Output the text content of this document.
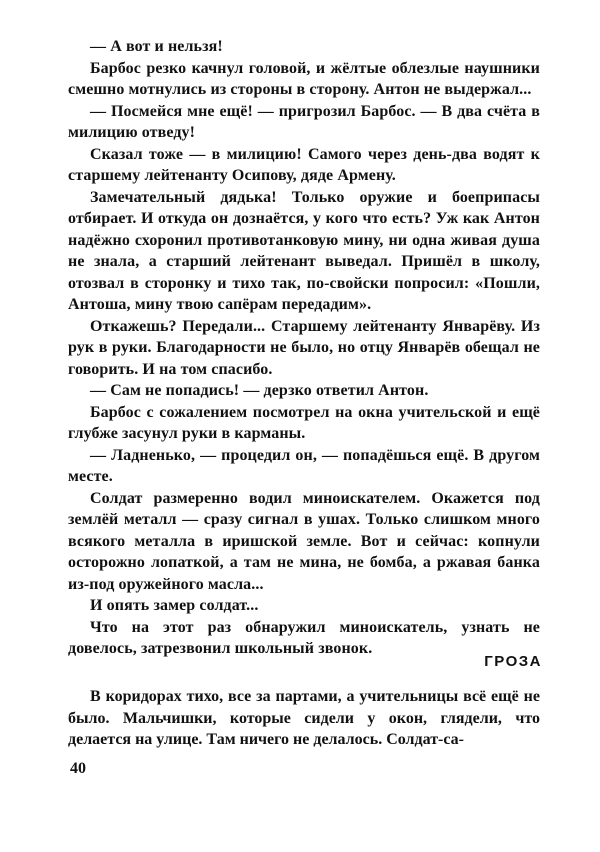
— А вот и нельзя!

Барбос резко качнул головой, и жёлтые облезлые наушники смешно мотнулись из стороны в сторону. Антон не выдержал...

— Посмейся мне ещё! — пригрозил Барбос. — В два счёта в милицию отведу!

Сказал тоже — в милицию! Самого через день-два водят к старшему лейтенанту Осипову, дяде Армену.

Замечательный дядька! Только оружие и боеприпасы отбирает. И откуда он дознаётся, у кого что есть? Уж как Антон надёжно схоронил противотанковую мину, ни одна живая душа не знала, а старший лейтенант выведал. Пришёл в школу, отозвал в сторонку и тихо так, по-свойски попросил: «Пошли, Антоша, мину твою сапёрам передадим».

Откажешь? Передали... Старшему лейтенанту Январёву. Из рук в руки. Благодарности не было, но отцу Январёв обещал не говорить. И на том спасибо.

— Сам не попадись! — дерзко ответил Антон.

Барбос с сожалением посмотрел на окна учительской и ещё глубже засунул руки в карманы.

— Ладненько, — процедил он, — попадёшься ещё. В другом месте.

Солдат размеренно водил миноискателем. Окажется под землёй металл — сразу сигнал в ушах. Только слишком много всякого металла в иришской земле. Вот и сейчас: копнули осторожно лопаткой, а там не мина, не бомба, а ржавая банка из-под оружейного масла...

И опять замер солдат...

Что на этот раз обнаружил миноискатель, узнать не довелось, затрезвонил школьный звонок.

ГРОЗА

В коридорах тихо, все за партами, а учительницы всё ещё не было. Мальчишки, которые сидели у окон, глядели, что делается на улице. Там ничего не делалось. Солдат-са-

40
